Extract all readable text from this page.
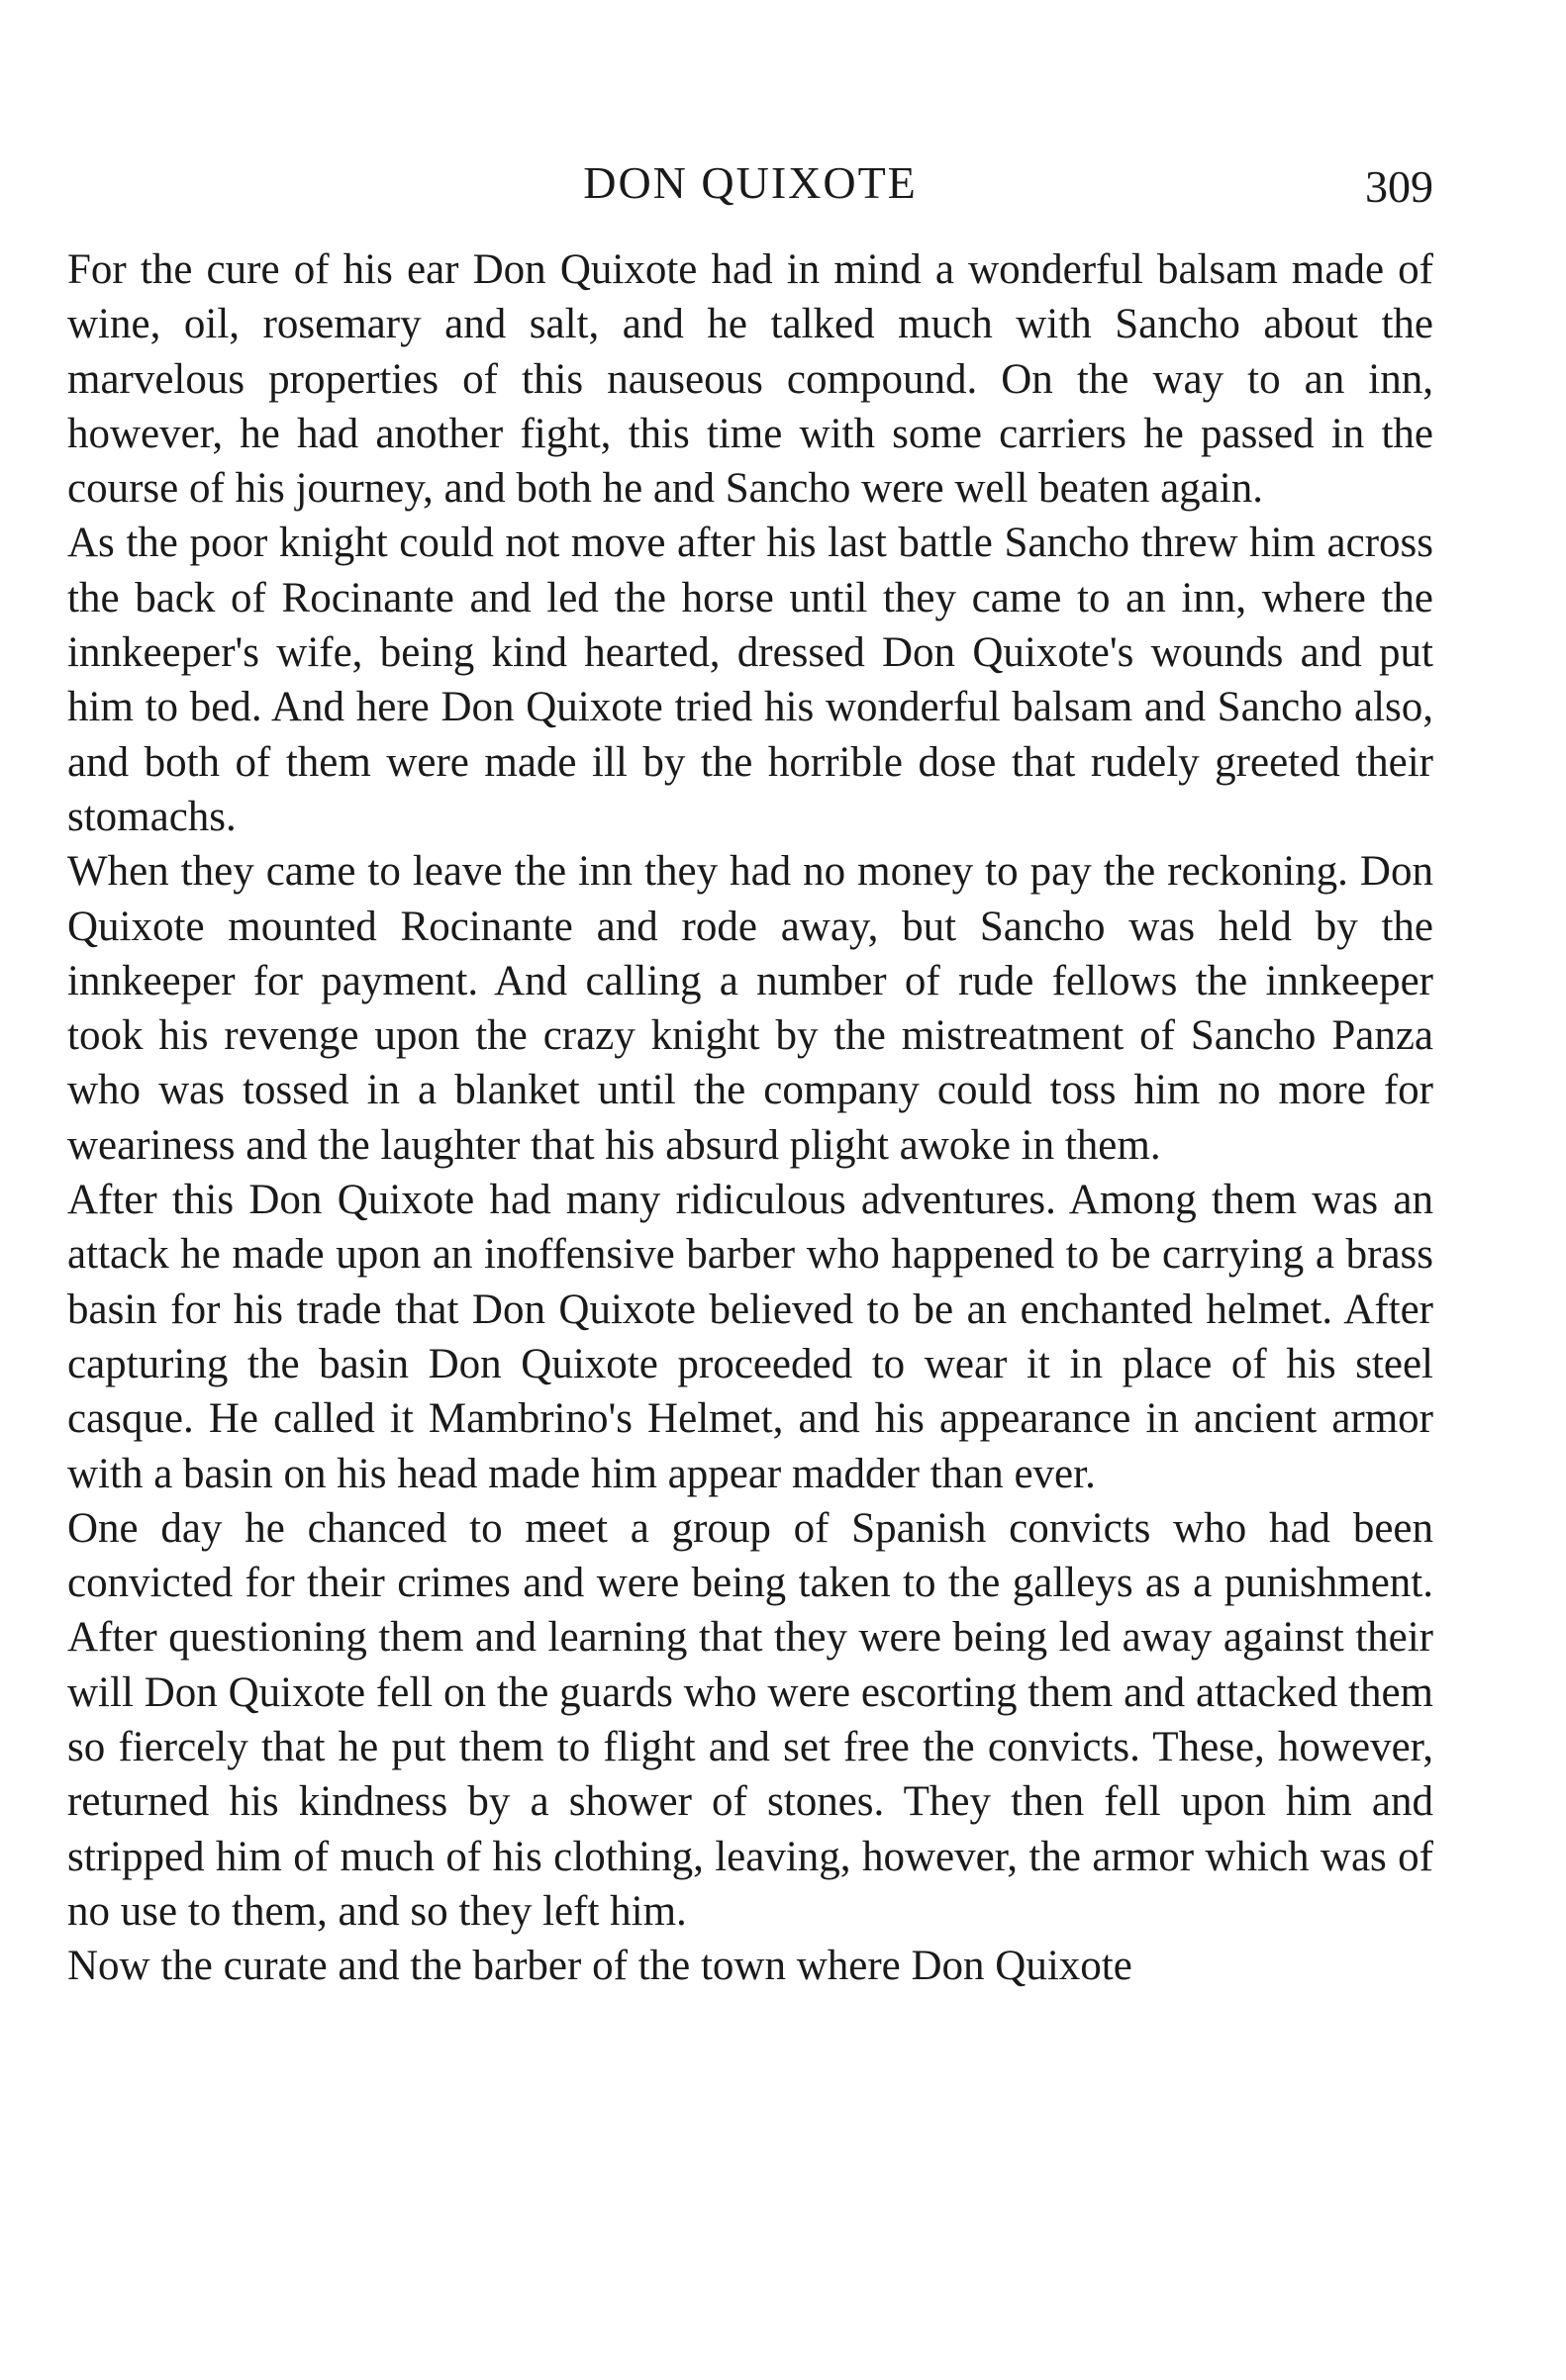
DON QUIXOTE	309

For the cure of his ear Don Quixote had in mind a wonderful balsam made of wine, oil, rosemary and salt, and he talked much with Sancho about the marvelous properties of this nauseous compound. On the way to an inn, however, he had another fight, this time with some carriers he passed in the course of his journey, and both he and Sancho were well beaten again.

As the poor knight could not move after his last battle Sancho threw him across the back of Rocinante and led the horse until they came to an inn, where the innkeeper's wife, being kind hearted, dressed Don Quixote's wounds and put him to bed. And here Don Quixote tried his wonderful balsam and Sancho also, and both of them were made ill by the horrible dose that rudely greeted their stomachs.

When they came to leave the inn they had no money to pay the reckoning. Don Quixote mounted Rocinante and rode away, but Sancho was held by the innkeeper for payment. And calling a number of rude fellows the innkeeper took his revenge upon the crazy knight by the mistreatment of Sancho Panza who was tossed in a blanket until the company could toss him no more for weariness and the laughter that his absurd plight awoke in them.

After this Don Quixote had many ridiculous adventures. Among them was an attack he made upon an inoffensive barber who happened to be carrying a brass basin for his trade that Don Quixote believed to be an enchanted helmet. After capturing the basin Don Quixote proceeded to wear it in place of his steel casque. He called it Mambrino's Helmet, and his appearance in ancient armor with a basin on his head made him appear madder than ever.

One day he chanced to meet a group of Spanish convicts who had been convicted for their crimes and were being taken to the galleys as a punishment. After questioning them and learning that they were being led away against their will Don Quixote fell on the guards who were escorting them and attacked them so fiercely that he put them to flight and set free the convicts. These, however, returned his kindness by a shower of stones. They then fell upon him and stripped him of much of his clothing, leaving, however, the armor which was of no use to them, and so they left him.

Now the curate and the barber of the town where Don Quixote
